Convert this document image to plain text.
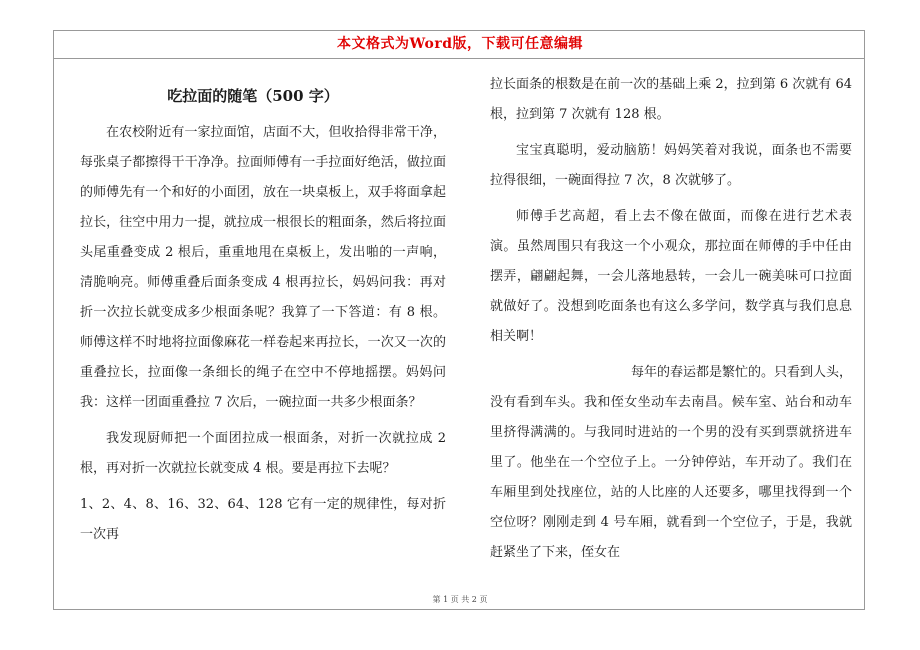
本文格式为Word版，下载可任意编辑
吃拉面的随笔（500 字）

在农校附近有一家拉面馆，店面不大，但收拾得非常干净，每张桌子都擦得干干净净。拉面师傅有一手拉面好绝活，做拉面的师傅先有一个和好的小面团，放在一块桌板上，双手将面拿起拉长，往空中用力一提，就拉成一根很长的粗面条，然后将拉面头尾重叠变成 2 根后，重重地甩在桌板上，发出啪的一声响，清脆响亮。师傅重叠后面条变成 4 根再拉长，妈妈问我：再对折一次拉长就变成多少根面条呢？我算了一下答道：有 8 根。 师傅这样不时地将拉面像麻花一样卷起来再拉长，一次又一次的重叠拉长，拉面像一条细长的绳子在空中不停地摇摆。妈妈问我：这样一团面重叠拉 7 次后，一碗拉面一共多少根面条？

我发现厨师把一个面团拉成一根面条，对折一次就拉成 2 根，再对折一次就拉长就变成 4 根。要是再拉下去呢？

1、2、4、8、16、32、64、128 它有一定的规律性，每对折一次再

拉长面条的根数是在前一次的基础上乘 2，拉到第 6 次就有 64 根，拉到第 7 次就有 128 根。

宝宝真聪明，爱动脑筋！妈妈笑着对我说，面条也不需要拉得很细，一碗面得拉 7 次，8 次就够了。

师傅手艺高超，看上去不像在做面，而像在进行艺术表演。虽然周围只有我这一个小观众，那拉面在师傅的手中任由摆弄，翩翩起舞，一会儿落地悬转，一会儿一碗美味可口拉面就做好了。没想到吃面条也有这么多学问，数学真与我们息息相关啊！

每年的春运都是繁忙的。只看到人头，

没有看到车头。我和侄女坐动车去南昌。候车室、站台和动车里挤得满满的。与我同时进站的一个男的没有买到票就挤进车里了。他坐在一个空位子上。一分钟停站，车开动了。我们在车厢里到处找座位，站的人比座的人还要多，哪里找得到一个空位呀？刚刚走到 4 号车厢，就看到一个空位子，于是，我就赶紧坐了下来，侄女在

第 1 页 共 2 页
